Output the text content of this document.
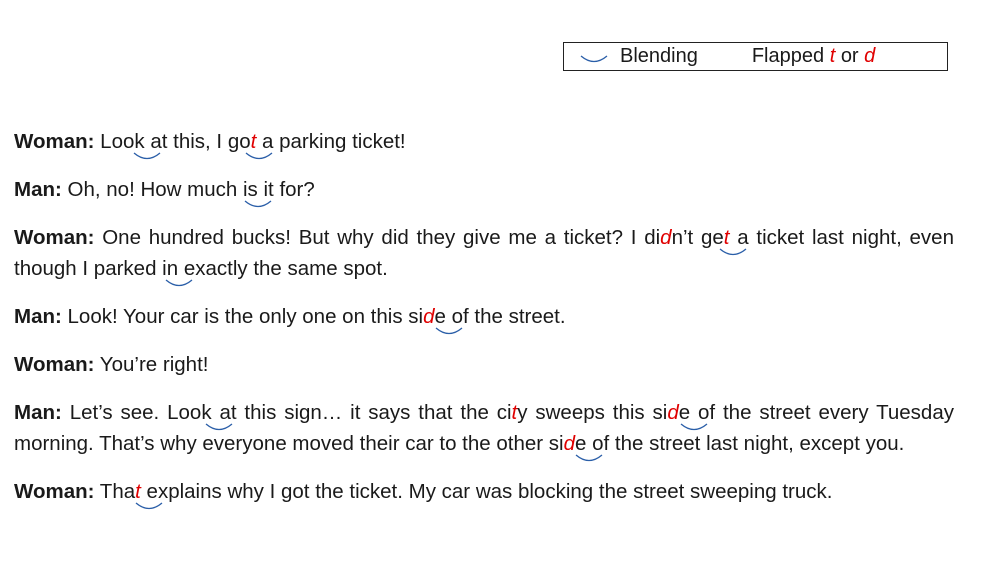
Blending	Flapped t or d

Woman: Look at this, I got a parking ticket!

Man: Oh, no! How much is it
for?

Woman: One hundred bucks! But why did they give me a ticket? I didn’t get a ticket last night, even though I parked in e
xactly the same spot.

Man: Look! Your car is the only one on this side o
f the street.

Woman: You’re right!

Man: Let’s see. Look at
this sign… it says that the city sweeps this side o
f the street every Tuesday morning. That’s why everyone moved their car to the other side o
f the street last night, except you.

Woman: That e
xplains why I got the ticket. My car was blocking the street sweeping truck.
